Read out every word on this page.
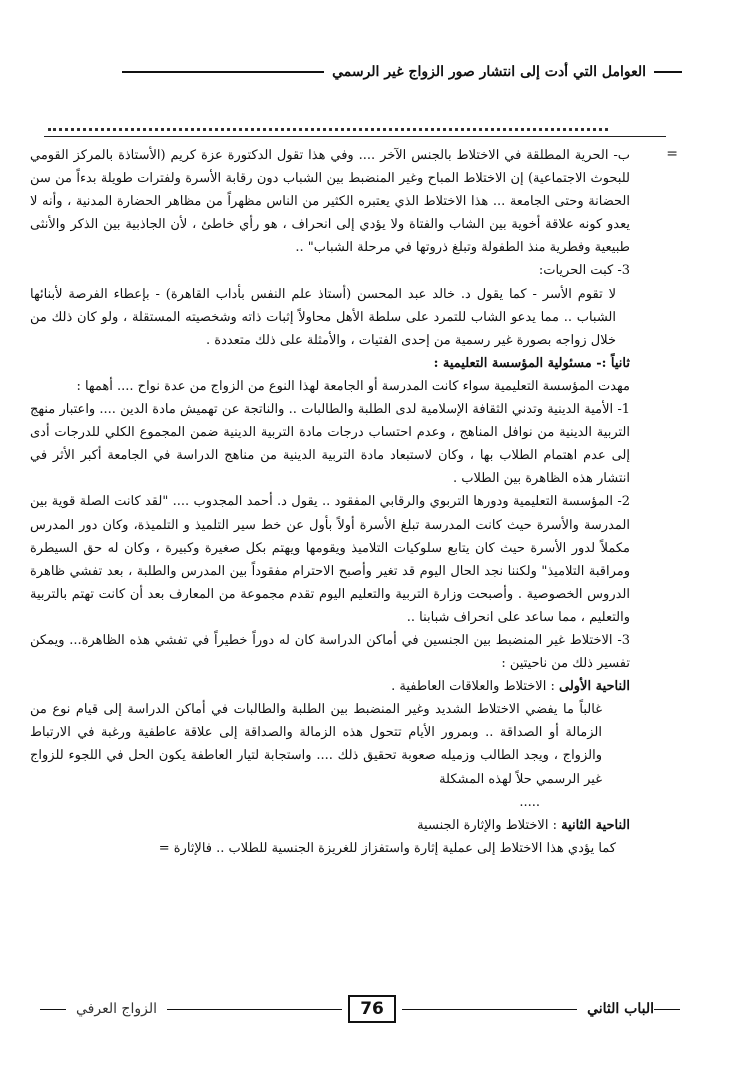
العوامل التي أدت إلى انتشار صور الزواج غير الرسمي
=

ب- الحرية المطلقة في الاختلاط بالجنس الآخر .... وفي هذا تقول الدكتورة عزة كريم (الأستاذة بالمركز القومي للبحوث الاجتماعية) إن الاختلاط المباح وغير المنضبط بين الشباب دون رقابة الأسرة ولفترات طويلة بدءاً من سن الحضانة وحتى الجامعة ... هذا الاختلاط الذي يعتبره الكثير من الناس مظهراً من مظاهر الحضارة المدنية ، وأنه لا يعدو كونه علاقة أخوية بين الشاب والفتاة ولا يؤدي إلى انحراف ، هو رأي خاطئ ، لأن الجاذبية بين الذكر والأنثى طبيعية وفطرية منذ الطفولة وتبلغ ذروتها في مرحلة الشباب" ..

3- كبت الحريات:

لا تقوم الأسر - كما يقول د. خالد عبد المحسن (أستاذ علم النفس بأداب القاهرة) - بإعطاء الفرصة لأبنائها الشباب .. مما يدعو الشاب للتمرد على سلطة الأهل محاولاً إثبات ذاته وشخصيته المستقلة ، ولو كان ذلك من خلال زواجه بصورة غير رسمية من إحدى الفتيات ، والأمثلة على ذلك متعددة .

ثانياً :- مسئولية المؤسسة التعليمية :

مهدت المؤسسة التعليمية سواء كانت المدرسة أو الجامعة لهذا النوع من الزواج من عدة نواح .... أهمها :

1- الأمية الدينية وتدني الثقافة الإسلامية لدى الطلبة والطالبات .. والناتجة عن تهميش مادة الدين .... واعتبار منهج التربية الدينية من نوافل المناهج ، وعدم احتساب درجات مادة التربية الدينية ضمن المجموع الكلي للدرجات أدى إلى عدم اهتمام الطلاب بها ، وكان لاستبعاد مادة التربية الدينية من مناهج الدراسة في الجامعة أكبر الأثر في انتشار هذه الظاهرة بين الطلاب .

2- المؤسسة التعليمية ودورها التربوي والرقابي المفقود .. يقول د. أحمد المجدوب .... "لقد كانت الصلة قوية بين المدرسة والأسرة حيث كانت المدرسة تبلغ الأسرة أولاً بأول عن خط سير التلميذ و التلميذة، وكان دور المدرس مكملاً لدور الأسرة حيث كان يتابع سلوكيات التلاميذ ويقومها ويهتم بكل صغيرة وكبيرة ، وكان له حق السيطرة ومراقبة التلاميذ" ولكننا نجد الحال اليوم قد تغير وأصبح الاحترام مفقوداً بين المدرس والطلبة ، بعد تفشي ظاهرة الدروس الخصوصية . وأصبحت وزارة التربية والتعليم اليوم تقدم مجموعة من المعارف بعد أن كانت تهتم بالتربية والتعليم ، مما ساعد على انحراف شبابنا ..

3- الاختلاط غير المنضبط بين الجنسين في أماكن الدراسة كان له دوراً خطيراً في تفشي هذه الظاهرة... ويمكن تفسير ذلك من ناحيتين :

الناحية الأولى : الاختلاط والعلاقات العاطفية .

غالباً ما يفضي الاختلاط الشديد وغير المنضبط بين الطلبة والطالبات في أماكن الدراسة إلى قيام نوع من الزمالة أو الصداقة .. وبمرور الأيام تتحول هذه الزمالة والصداقة إلى علاقة عاطفية ورغبة في الارتباط والزواج ، ويجد الطالب وزميله صعوبة تحقيق ذلك .... واستجابة لتيار العاطفة يكون الحل في اللجوء للزواج غير الرسمي حلاً لهذه المشكلة

.....

الناحية الثانية : الاختلاط والإثارة الجنسية

كما يؤدي هذا الاختلاط إلى عملية إثارة واستفزاز للغريزة الجنسية للطلاب .. فالإثارة =

الباب الثاني
76
الزواج العرفي
